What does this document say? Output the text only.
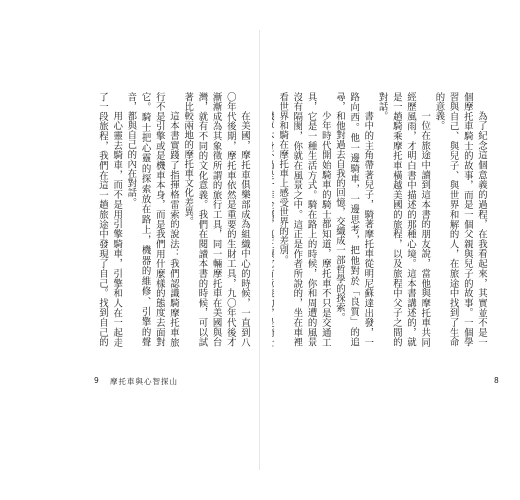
在美國，摩托車俱樂部成為組織中心的時候，一直到八〇年代後期，摩托車依然是重要的生財工具，九〇年代後才漸漸成為其象徵所謂的旅行工具，同一輛摩托車在美國與台灣，就有不同的文化意義。我們在閱讀本書的時候，可以試著比較兩地的摩托車文化差異。
這本書實踐了指揮格雷索的說法：我們認識騎摩托車旅行不是引擎或是機車本身，而是我們用什麼樣的態度去面對它。騎士把心靈的探索放在路上，機器的維修、引擎的聲音，都與自己的內在對話。
用心靈去騎車，而不是用引擎騎車，引擎和人在一起走了一段旅程，我們在這一趟旅途中發現了自己。找到自己的
9 摩托車與心智探山
為了紀念這個意義的過程，在我看起來，其實並不是一個摩托車騎士的故事，而是一個父親與兒子的故事。一個學習與自己、與兒子、與世界和解的人，在旅途中找到了生命的意義。
一位在旅途中讀到這本書的朋友說，當他與摩托車共同經歷風雨，才明白書中描述的那種心境。這本書講述的，就是一趟騎乘摩托車橫越美國的旅程，以及旅程中父子之間的對話。
書中的主角帶著兒子，騎著摩托車從明尼蘇達出發，一路向西。他一邊騎車，一邊思考，把他對於「良質」的追尋，和他對過去自我的回憶，交織成一部哲學的探索。
少年時代開始騎車的騎士都知道，摩托車不只是交通工具，它是一種生活方式。騎在路上的時候，你和周遭的風景沒有隔閡，你就在風景之中。這正是作者所說的，坐在車裡看世界和騎在摩托車上感受世界的差別。
8
